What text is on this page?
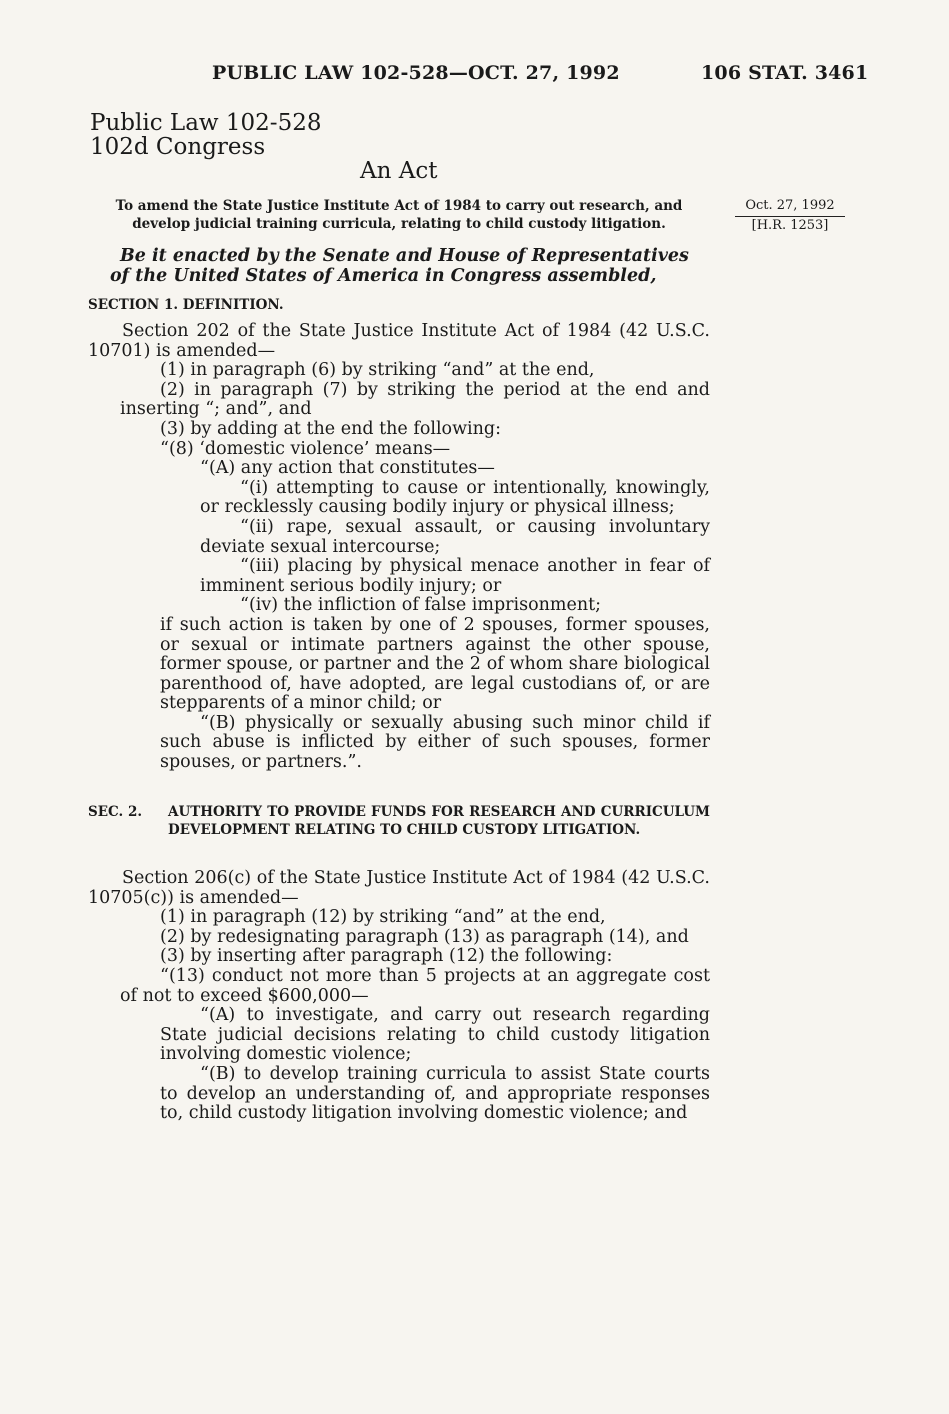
PUBLIC LAW 102-528—OCT. 27, 1992	106 STAT. 3461
Public Law 102-528
102d Congress
An Act
To amend the State Justice Institute Act of 1984 to carry out research, and develop judicial training curricula, relating to child custody litigation.
Oct. 27, 1992
[H.R. 1253]
Be it enacted by the Senate and House of Representatives of the United States of America in Congress assembled,
SECTION 1. DEFINITION.

Section 202 of the State Justice Institute Act of 1984 (42 U.S.C. 10701) is amended—

(1) in paragraph (6) by striking “and” at the end,

(2) in paragraph (7) by striking the period at the end and inserting “; and”, and

(3) by adding at the end the following:

“(8) ‘domestic violence’ means—

“(A) any action that constitutes—

“(i) attempting to cause or intentionally, knowingly, or recklessly causing bodily injury or physical illness;

“(ii) rape, sexual assault, or causing involuntary deviate sexual intercourse;

“(iii) placing by physical menace another in fear of imminent serious bodily injury; or

“(iv) the infliction of false imprisonment;

if such action is taken by one of 2 spouses, former spouses, or sexual or intimate partners against the other spouse, former spouse, or partner and the 2 of whom share biological parenthood of, have adopted, are legal custodians of, or are stepparents of a minor child; or

“(B) physically or sexually abusing such minor child if such abuse is inflicted by either of such spouses, former spouses, or partners.”.

SEC. 2. AUTHORITY TO PROVIDE FUNDS FOR RESEARCH AND CURRICULUM DEVELOPMENT RELATING TO CHILD CUSTODY LITIGATION.

Section 206(c) of the State Justice Institute Act of 1984 (42 U.S.C. 10705(c)) is amended—

(1) in paragraph (12) by striking “and” at the end,

(2) by redesignating paragraph (13) as paragraph (14), and

(3) by inserting after paragraph (12) the following:

“(13) conduct not more than 5 projects at an aggregate cost of not to exceed $600,000—

“(A) to investigate, and carry out research regarding State judicial decisions relating to child custody litigation involving domestic violence;

“(B) to develop training curricula to assist State courts to develop an understanding of, and appropriate responses to, child custody litigation involving domestic violence; and
